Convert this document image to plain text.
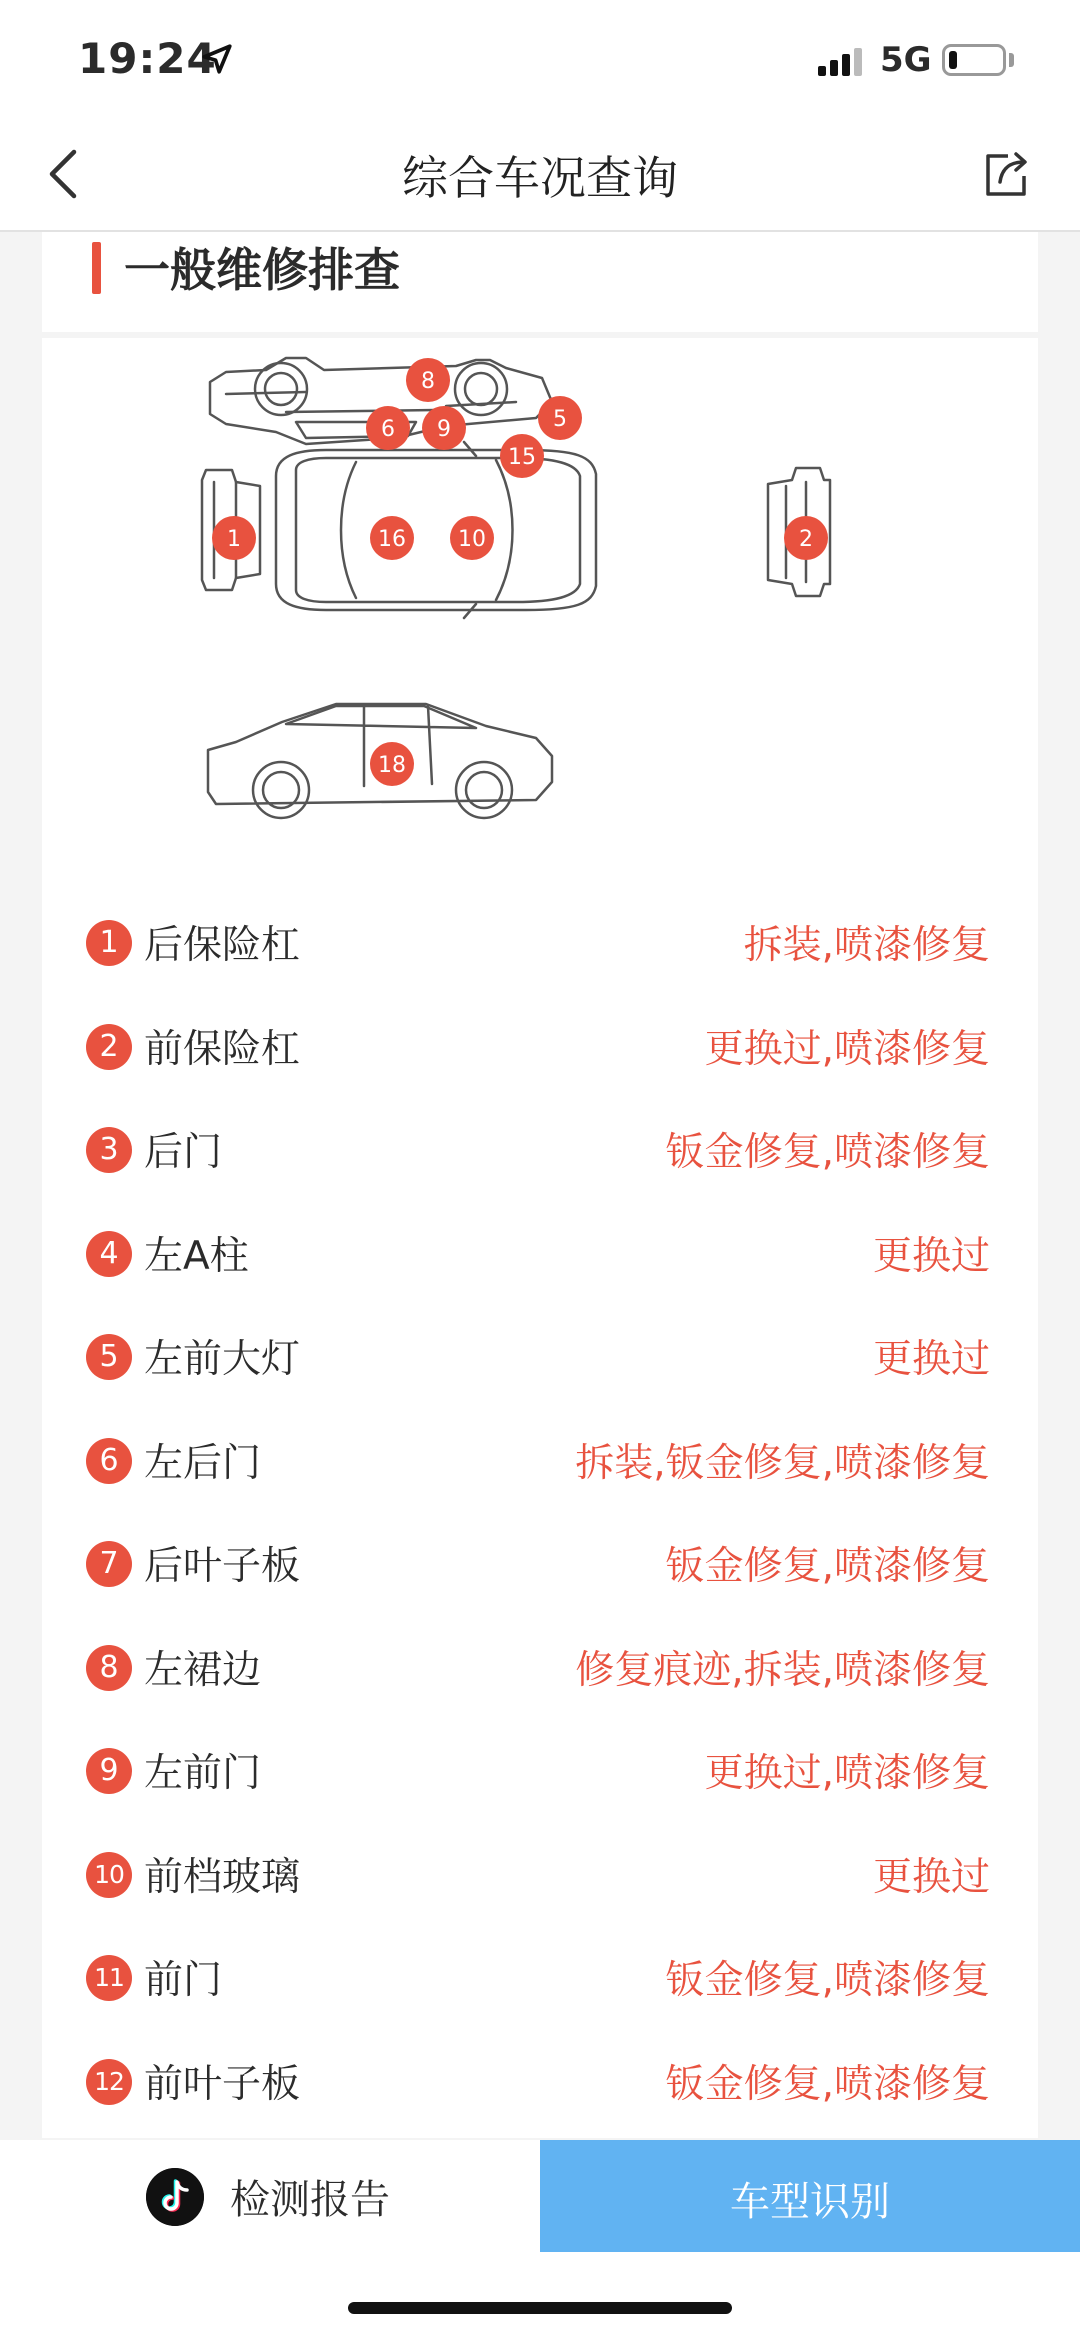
19:24	5G
综合车况查询
一般维修排查
8
6 9	5
15
1	16 10	2
18
1 后保险杠	拆装,喷漆修复
2 前保险杠	更换过,喷漆修复
3 后门	钣金修复,喷漆修复
4 左A柱	更换过
5 左前大灯	更换过
6 左后门	拆装,钣金修复,喷漆修复
7 后叶子板	钣金修复,喷漆修复
8 左裙边	修复痕迹,拆装,喷漆修复
9 左前门	更换过,喷漆修复
10 前档玻璃	更换过
11 前门	钣金修复,喷漆修复
12 前叶子板	钣金修复,喷漆修复
检测报告	车型识别
